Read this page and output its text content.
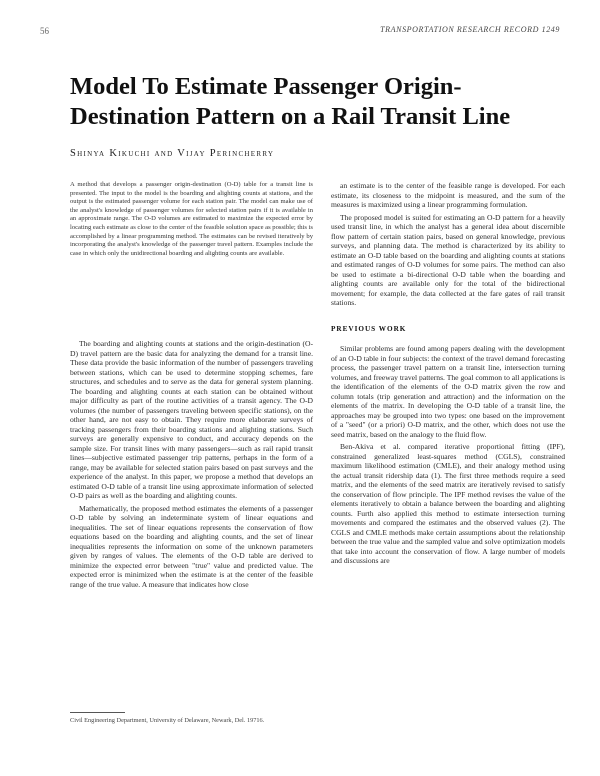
56	TRANSPORTATION RESEARCH RECORD 1249
Model To Estimate Passenger Origin-Destination Pattern on a Rail Transit Line
Shinya Kikuchi and Vijay Perincherry

A method that develops a passenger origin-destination (O-D) table for a transit line is presented. The input to the model is the boarding and alighting counts at stations, and the output is the estimated passenger volume for each station pair. The model can make use of the analyst's knowledge of passenger volumes for selected station pairs if it is available in an approximate range. The O-D volumes are estimated to maximize the expected error by locating each estimate as close to the center of the feasible solution space as possible; this is accomplished by a linear programming method. The estimates can be revised iteratively by incorporating the analyst's knowledge of the passenger travel pattern. Examples include the case in which only the unidirectional boarding and alighting counts are available.

The boarding and alighting counts at stations and the origin-destination (O-D) travel pattern are the basic data for analyzing the demand for a transit line. These data provide the basic information of the number of passengers traveling between stations, which can be used to determine stopping schemes, fare structures, and schedules and to serve as the data for general system planning. The boarding and alighting counts at each station can be obtained without major difficulty as part of the routine activities of a transit agency. The O-D volumes (the number of passengers traveling between specific stations), on the other hand, are not easy to obtain. They require more elaborate surveys of tracking passengers from their boarding stations and alighting stations. Such surveys are generally expensive to conduct, and accuracy depends on the sample size. For transit lines with many passengers—such as rail rapid transit lines—subjective estimated passenger trip patterns, perhaps in the form of a range, may be available for selected station pairs based on past surveys and the experience of the analyst. In this paper, we propose a method that develops an estimated O-D table of a transit line using approximate information of selected O-D pairs as well as the boarding and alighting counts.

Mathematically, the proposed method estimates the elements of a passenger O-D table by solving an indeterminate system of linear equations and inequalities. The set of linear equations represents the conservation of flow equations based on the boarding and alighting counts, and the set of linear inequalities represents the information on some of the unknown parameters given by ranges of values. The elements of the O-D table are derived to minimize the expected error between "true" value and predicted value. The expected error is minimized when the estimate is at the center of the feasible range of the true value. A measure that indicates how close

Civil Engineering Department, University of Delaware, Newark, Del. 19716.

an estimate is to the center of the feasible range is developed. For each estimate, its closeness to the midpoint is measured, and the sum of the measures is maximized using a linear programming formulation.

The proposed model is suited for estimating an O-D pattern for a heavily used transit line, in which the analyst has a general idea about discernible flow pattern of certain station pairs, based on general knowledge, previous surveys, and planning data. The method is characterized by its ability to estimate an O-D table based on the boarding and alighting counts at stations and estimated ranges of O-D volumes for some pairs. The method can also be used to estimate a bi-directional O-D table when the boarding and alighting counts are available only for the total of the bidirectional movement; for example, the data collected at the fare gates of rail transit stations.

PREVIOUS WORK

Similar problems are found among papers dealing with the development of an O-D table in four subjects: the context of the travel demand forecasting process, the passenger travel pattern on a transit line, intersection turning volumes, and freeway travel patterns. The goal common to all applications is the identification of the elements of the O-D matrix given the row and column totals (trip generation and attraction) and the information on the elements of the matrix. In developing the O-D table of a transit line, the approaches may be grouped into two types: one based on the improvement of a "seed" (or a priori) O-D matrix, and the other, which does not use the seed matrix, based on the analogy to the fluid flow.

Ben-Akiva et al. compared iterative proportional fitting (IPF), constrained generalized least-squares method (CGLS), constrained maximum likelihood estimation (CMLE), and their analogy method using the actual transit ridership data (1). The first three methods require a seed matrix, and the elements of the seed matrix are iteratively revised to satisfy the conservation of flow principle. The IPF method revises the value of the elements iteratively to obtain a balance between the boarding and alighting counts. Furth also applied this method to estimate intersection turning movements and compared the estimates and the observed values (2). The CGLS and CMLE methods make certain assumptions about the relationship between the true value and the sampled value and solve optimization models that take into account the conservation of flow. A large number of models and discussions are
